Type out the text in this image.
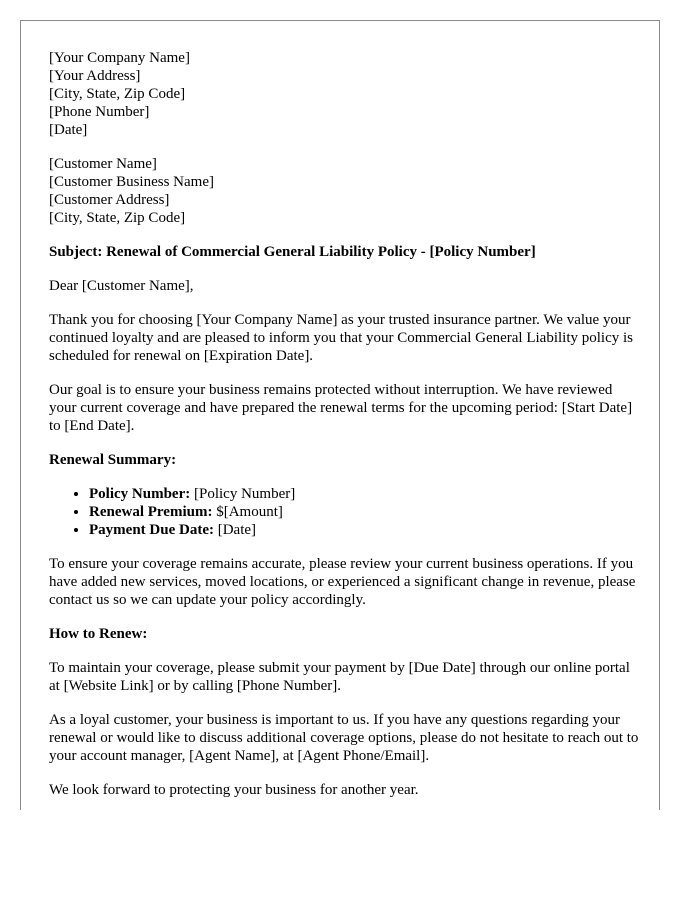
[Your Company Name]

[Your Address]

[City, State, Zip Code]

[Phone Number]

[Date]

[Customer Name]

[Customer Business Name]

[Customer Address]

[City, State, Zip Code]

Subject: Renewal of Commercial General Liability Policy - [Policy Number]

Dear [Customer Name],

Thank you for choosing [Your Company Name] as your trusted insurance partner. We value your continued loyalty and are pleased to inform you that your Commercial General Liability policy is scheduled for renewal on [Expiration Date].

Our goal is to ensure your business remains protected without interruption. We have reviewed your current coverage and have prepared the renewal terms for the upcoming period: [Start Date] to [End Date].

Renewal Summary:

• Policy Number: [Policy Number]
• Renewal Premium: $[Amount]
• Payment Due Date: [Date]

To ensure your coverage remains accurate, please review your current business operations. If you have added new services, moved locations, or experienced a significant change in revenue, please contact us so we can update your policy accordingly.

How to Renew:

To maintain your coverage, please submit your payment by [Due Date] through our online portal at [Website Link] or by calling [Phone Number].

As a loyal customer, your business is important to us. If you have any questions regarding your renewal or would like to discuss additional coverage options, please do not hesitate to reach out to your account manager, [Agent Name], at [Agent Phone/Email].

We look forward to protecting your business for another year.
